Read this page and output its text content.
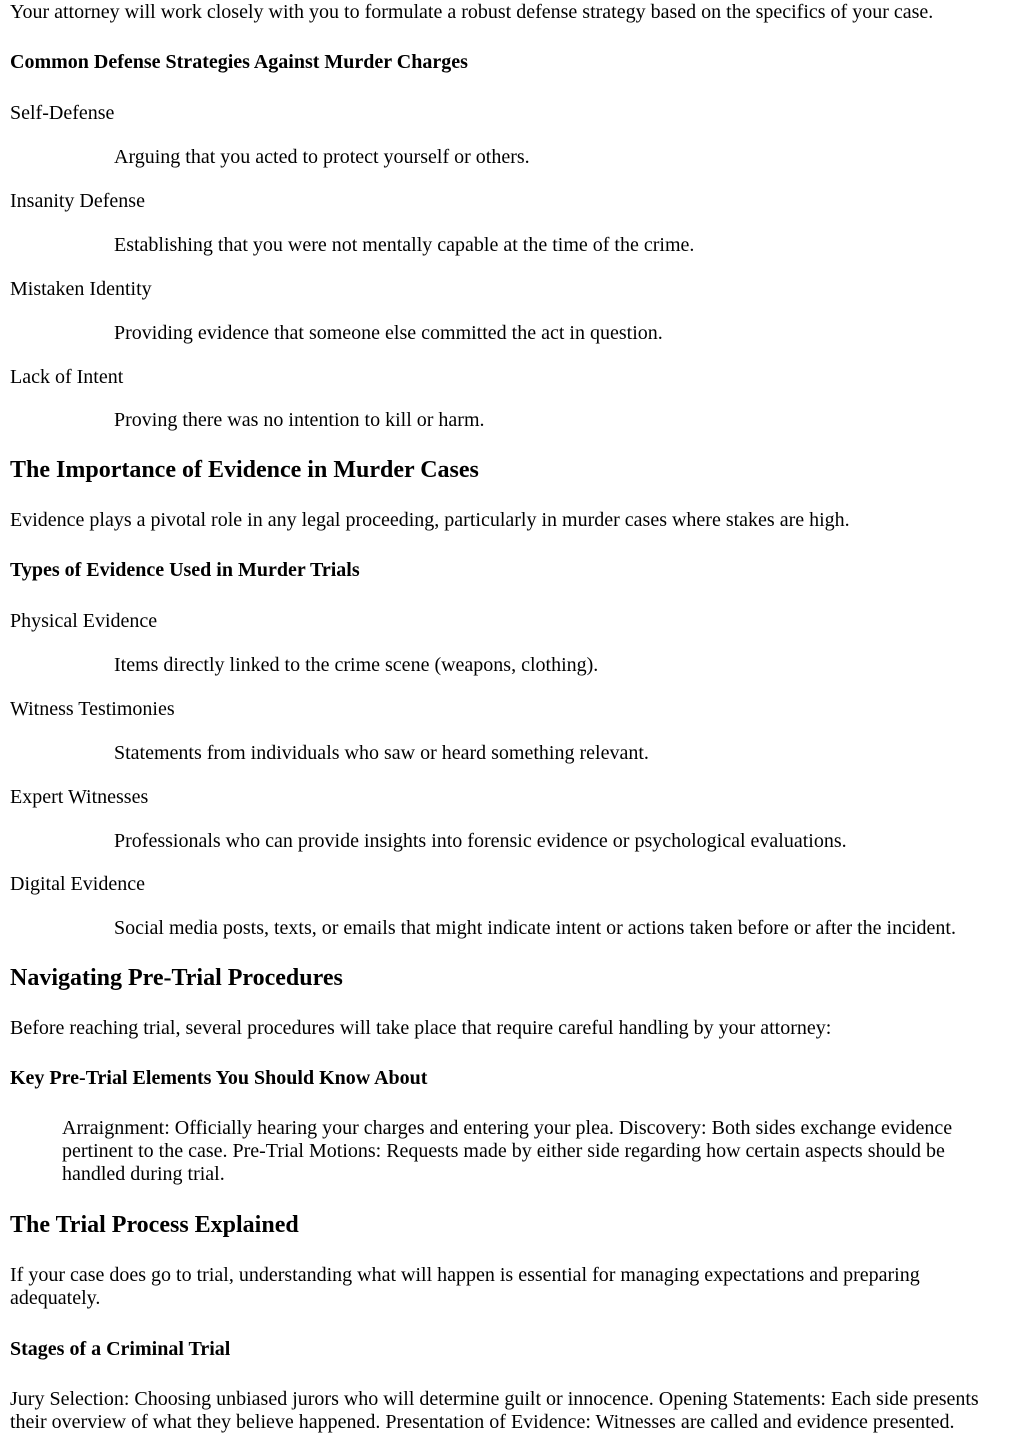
Your attorney will work closely with you to formulate a robust defense strategy based on the specifics of your case.

Common Defense Strategies Against Murder Charges
Self-Defense
Arguing that you acted to protect yourself or others.
Insanity Defense
Establishing that you were not mentally capable at the time of the crime.
Mistaken Identity
Providing evidence that someone else committed the act in question.
Lack of Intent
Proving there was no intention to kill or harm.
The Importance of Evidence in Murder Cases

Evidence plays a pivotal role in any legal proceeding, particularly in murder cases where stakes are high.

Types of Evidence Used in Murder Trials
Physical Evidence
Items directly linked to the crime scene (weapons, clothing).
Witness Testimonies
Statements from individuals who saw or heard something relevant.
Expert Witnesses
Professionals who can provide insights into forensic evidence or psychological evaluations.
Digital Evidence
Social media posts, texts, or emails that might indicate intent or actions taken before or after the incident.
Navigating Pre-Trial Procedures

Before reaching trial, several procedures will take place that require careful handling by your attorney:

Key Pre-Trial Elements You Should Know About
Arraignment: Officially hearing your charges and entering your plea. Discovery: Both sides exchange evidence pertinent to the case. Pre-Trial Motions: Requests made by either side regarding how certain aspects should be handled during trial.
The Trial Process Explained

If your case does go to trial, understanding what will happen is essential for managing expectations and preparing adequately.

Stages of a Criminal Trial

Jury Selection: Choosing unbiased jurors who will determine guilt or innocence. Opening Statements: Each side presents their overview of what they believe happened. Presentation of Evidence: Witnesses are called and evidence presented.
